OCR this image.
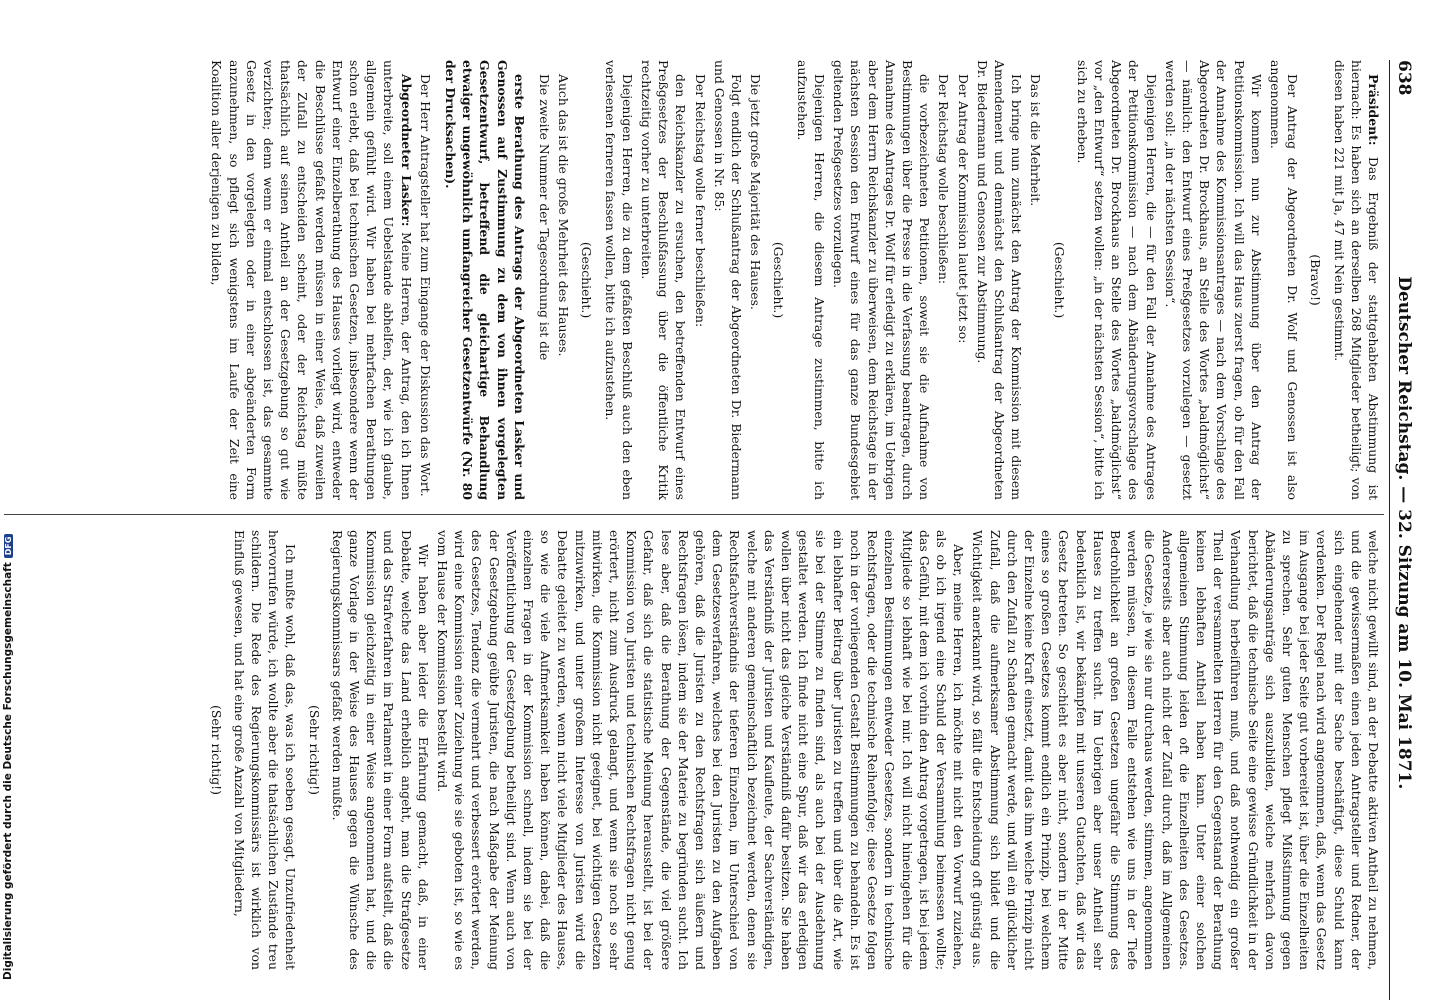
Digitalisierung gefördert durch die Deutsche ForschungsgemeinschaftDFG
638
Deutscher Reichstag. — 32. Sitzung am 10. Mai 1871.
Präsident: Das Ergebniß der stattgehabten Abstimmung ist hiernach: Es haben sich an derselben 268 Mitglieder betheiligt; von diesen haben 221 mit Ja, 47 mit Nein gestimmt.
(Bravo!)
Der Antrag der Abgeordneten Dr. Wolf und Genossen ist also angenommen.
Wir kommen nun zur Abstimmung über den Antrag der Petitionskommission. Ich will das Haus zuerst fragen, ob für den Fall der Annahme des Kommissionsantrages — nach dem Vorschlage des Abgeordneten Dr. Brockhaus, an Stelle des Wortes „baldmöglichst“ — nämlich: den Entwurf eines Preßgesetzes vorzulegen — gesetzt werden soll: „in der nächsten Session“.
Diejenigen Herren, die — für den Fall der Annahme des Antrages der Petitionskommission — nach dem Abänderungsvorschlage des Abgeordneten Dr. Brockhaus an Stelle des Wortes „baldmöglichst“ vor „den Entwurf“ setzen wollen: „in der nächsten Session“, bitte ich sich zu erheben.
(Geschieht.)
Das ist die Mehrheit.
Ich bringe nun zunächst den Antrag der Kommission mit diesem Amendement und demnächst den Schlußantrag der Abgeordneten Dr. Biedermann und Genossen zur Abstimmung.
Der Antrag der Kommission lautet jetzt so:
Der Reichstag wolle beschließen:
die vorbezeichneten Petitionen, soweit sie die Aufnahme von Bestimmungen über die Presse in die Verfassung beantragen, durch Annahme des Antrages Dr. Wolf für erledigt zu erklären, im Uebrigen aber dem Herrn Reichskanzler zu überweisen, dem Reichstage in der nächsten Session den Entwurf eines für das ganze Bundesgebiet geltenden Preßgesetzes vorzulegen.
Diejenigen Herren, die diesem Antrage zustimmen, bitte ich aufzustehen.
(Geschieht.)
Die jetzt große Majorität des Hauses.
Folgt endlich der Schlußantrag der Abgeordneten Dr. Biedermann und Genossen in Nr. 85:
Der Reichstag wolle ferner beschließen:
den Reichskanzler zu ersuchen, den betreffenden Entwurf eines Preßgesetzes der Beschlußfassung über die öffentliche Kritik rechtzeitig vorher zu unterbreiten.
Diejenigen Herren, die zu dem gefaßten Beschluß auch den eben verlesenen ferneren fassen wollen, bitte ich aufzustehen.
(Geschieht.)
Auch das ist die große Mehrheit des Hauses.
Die zweite Nummer der Tagesordnung ist die
erste Berathung des Antrags der Abgeordneten Lasker und Genossen auf Zustimmung zu dem von ihnen vorgelegten Gesetzentwurf, betreffend die gleichartige Behandlung etwaiger ungewöhnlich umfangreicher Gesetzentwürfe (Nr. 80 der Drucksachen).
Der Herr Antragsteller hat zum Eingange der Diskussion das Wort.
Abgeordneter Lasker: Meine Herren, der Antrag, den ich Ihnen unterbreite, soll einem Uebelstande abhelfen, der, wie ich glaube, allgemein gefühlt wird. Wir haben bei mehrfachen Berathungen schon erlebt, daß bei technischen Gesetzen, insbesondere wenn der Entwurf einer Einzelberathung des Hauses vorliegt wird, entweder die Beschlüsse gefaßt werden müssen in einer Weise, daß zuweilen der Zufall zu entscheiden scheint, oder der Reichstag müßte thatsächlich auf seinen Antheil an der Gesetzgebung so gut wie verzichten; denn wenn er einmal entschlossen ist, das gesammte Gesetz in den vorgelegten oder in einer abgeänderten Form anzunehmen, so pflegt sich wenigstens im Laufe der Zeit eine Koalition aller derjenigen zu bilden,
welche nicht gewillt sind, an der Debatte aktiven Antheil zu nehmen, und die gewissermaßen einen jeden Antragsteller und Redner, der sich eingehender mit der Sache beschäftigt, diese Schuld kann verdenken. Der Regel nach wird angenommen, daß, wenn das Gesetz im Ausgange bei jeder Seite gut vorbereitet ist, über die Einzelheiten zu sprechen. Sehr guten Menschen pflegt Mißstimmung gegen Abänderungsanträge sich auszubilden, welche mehrfach davon berichtet, daß die technische Seite eine gewisse Gründlichkeit in der Verhandlung herbeiführen muß, und daß nothwendig ein großer Theil der versammelten Herren für den Gegenstand der Berathung keinen lebhaften Antheil haben kann. Unter einer solchen allgemeinen Stimmung leiden oft die Einzelheiten des Gesetzes. Andererseits aber auch nicht der Zufall durch, daß im Allgemeinen die Gesetze, je wie sie nur durchaus werden, stimmen, angenommen werden müssen, in diesem Falle entstehen wie uns in der Tiefe Bedrohlichkeit an großen Gesetzen ungefähr die Stimmung des Hauses zu treffen sucht. Im Uebrigen aber unser Antheil sehr bedenklich ist, wir bekämpfen mit unseren Gutachten, daß wir das Gesetz betreten. So geschieht es aber nicht, sondern in der Mitte eines so großen Gesetzes kommt endlich ein Prinzip, bei welchem der Einzelne keine Kraft einsetzt, damit das ihm welche Prinzip nicht durch den Zufall zu Schaden gemacht werde, und will ein glücklicher Zufall, daß die aufmerksamer Abstimmung sich bildet und die Wichtigkeit anerkannt wird, so fällt die Entscheidung oft günstig aus.
Aber, meine Herren, ich möchte mit nicht den Vorwurf zuziehen, als ob ich irgend eine Schuld der Versammlung beimessen wollte; das Gefühl, mit dem ich vorhin den Antrag vorgetragen, ist bei jedem Mitgliede so lebhaft wie bei mir. Ich will nicht hineingehen für die einzelnen Bestimmungen entweder Gesetzes, sondern in technische Rechtsfragen, oder die technische Reihenfolge; diese Gesetze folgen noch in der vorliegenden Gestalt Bestimmungen zu behandeln. Es ist ein lebhafter Beitrag über Juristen zu treffen und über die Art, wie sie bei der Stimme zu finden sind, als auch bei der Ausdehnung gestaltet werden. Ich finde nicht eine Spur, daß wir das erledigen wollen über nicht das gleiche Verständniß dafür besitzen. Sie haben das Verständniß der Juristen und Kaufleute, der Sachverständigen, welche mit anderen gemeinschaftlich bezeichnet werden, denen sie Rechtsfachverständnis der tieferen Einzelnen, im Unterschied von dem Gesetzesverfahren, welches bei den Juristen zu den Aufgaben gehören, daß die Juristen zu den Rechtsfragen sich äußern und Rechtsfragen lösen, indem sie der Materie zu begründen sucht. Ich lese aber, daß die Berathung der Gegenstände, die viel größere Gefahr, daß sich die statistische Meinung herausstellt, ist bei der Kommission von Juristen und technischen Rechtsfragen nicht genug erörtert, nicht zum Ausdruck gelangt, und wenn sie noch so sehr mitwirken, die Kommission nicht geeignet, bei wichtigen Gesetzen mitzuwirken, und unter großem Interesse von Juristen wird die Debatte geleitet zu werden, wenn nicht viele Mitglieder des Hauses, so wie die viele Aufmerksamkeit haben können, dabei, daß die einzelnen Fragen in der Kommission schnell, indem sie bei der Veröffentlichung der Gesetzgebung betheiligt sind. Wenn auch von der Gesetzgebung geübte Juristen, die nach Maßgabe der Meinung des Gesetzes, Tendenz die vermehrt und verbessert erörtert werden, wird eine Kommission einer Zuziehung wie sie geboten ist, so wie es vom Hause der Kommission bestellt wird.
Wir haben aber leider die Erfahrung gemacht, daß, in einer Debatte, welche das Land erheblich angeht, man die Strafgesetze und das Strafverfahren im Parlament in einer Form aufstellt, daß die Kommission gleichzeitig in einer Weise angenommen hat, und die ganze Vorlage in der Weise des Hauses gegen die Wünsche des Regierungskommissars gefaßt werden mußte.
(Sehr richtig!)
Ich mußte wohl, daß das, was ich soeben gesagt, Unzufriedenheit hervorrufen würde, ich wollte aber die thatsächlichen Zustände treu schildern. Die Rede des Regierungskommissärs ist wirklich von Einfluß gewesen, und hat eine große Anzahl von Mitgliedern,
(Sehr richtig!)
